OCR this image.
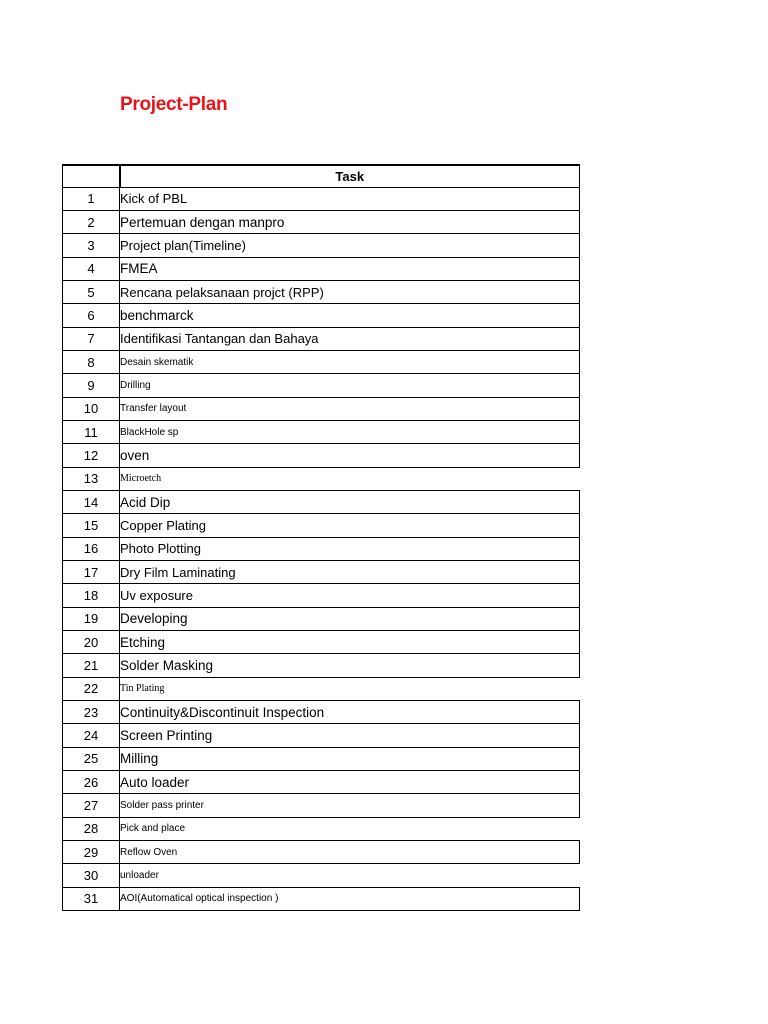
Project-Plan
	Task
1	Kick of PBL
2	Pertemuan dengan manpro
3	Project plan(Timeline)
4	FMEA
5	Rencana pelaksanaan projct (RPP)
6	benchmarck
7	Identifikasi Tantangan dan Bahaya
8	Desain skematik
9	Drilling
10	Transfer layout
11	BlackHole sp
12	oven
13	Microetch
14	Acid Dip
15	Copper Plating
16	Photo Plotting
17	Dry Film Laminating
18	Uv exposure
19	Developing
20	Etching
21	Solder Masking
22	Tin Plating
23	Continuity&Discontinuit Inspection
24	Screen Printing
25	Milling
26	Auto loader
27	Solder pass printer
28	Pick and place
29	Reflow Oven
30	unloader
31	AOI(Automatical optical inspection )
